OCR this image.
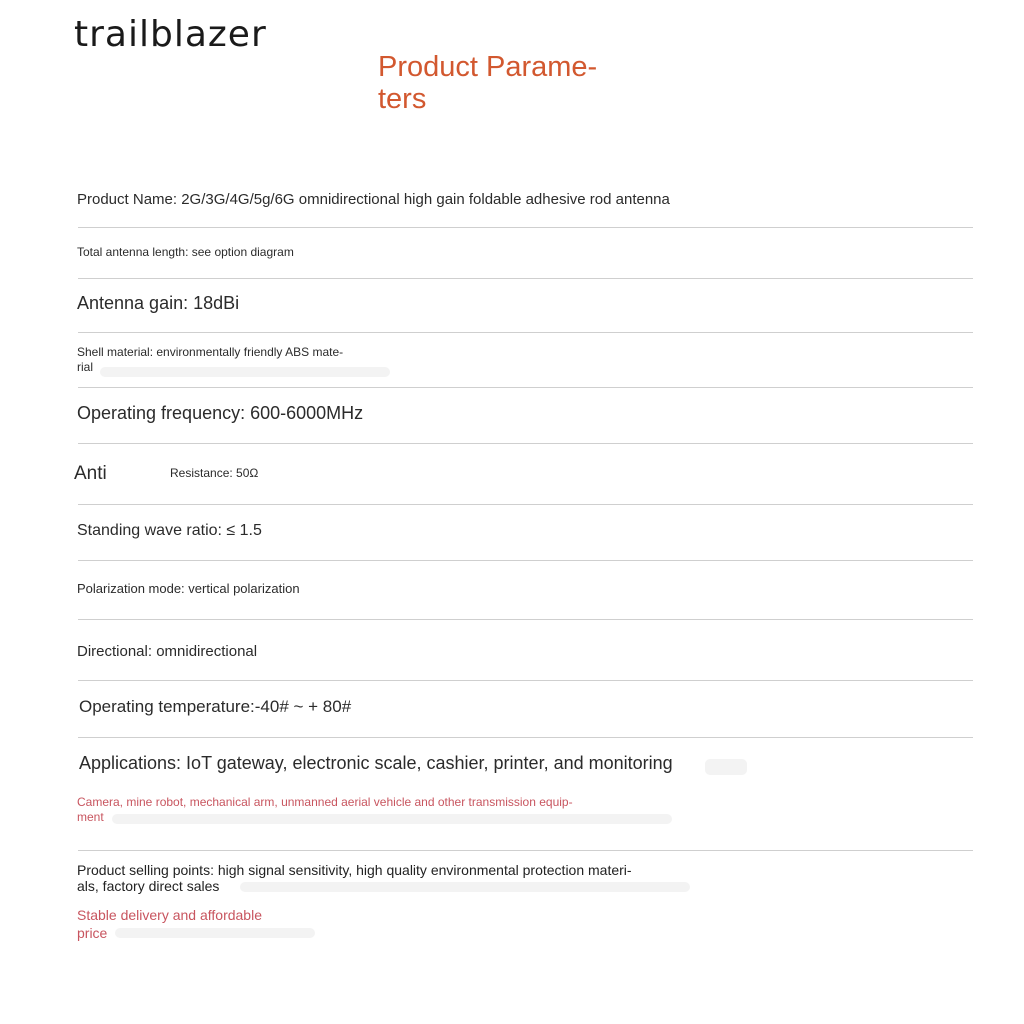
trailblazer
Product Parame-
ters
Product Name: 2G/3G/4G/5g/6G omnidirectional high gain foldable adhesive rod antenna
Total antenna length: see option diagram
Antenna gain: 18dBi
Shell material: environmentally friendly ABS mate-
rial
Operating frequency: 600-6000MHz
Anti	Resistance: 50Ω
Standing wave ratio: ≤ 1.5
Polarization mode: vertical polarization
Directional: omnidirectional
Operating temperature:-40# ~ + 80#
Applications: IoT gateway, electronic scale, cashier, printer, and monitoring
Camera, mine robot, mechanical arm, unmanned aerial vehicle and other transmission equip-
ment
Product selling points: high signal sensitivity, high quality environmental protection materi-
als, factory direct sales
Stable delivery and affordable
price
